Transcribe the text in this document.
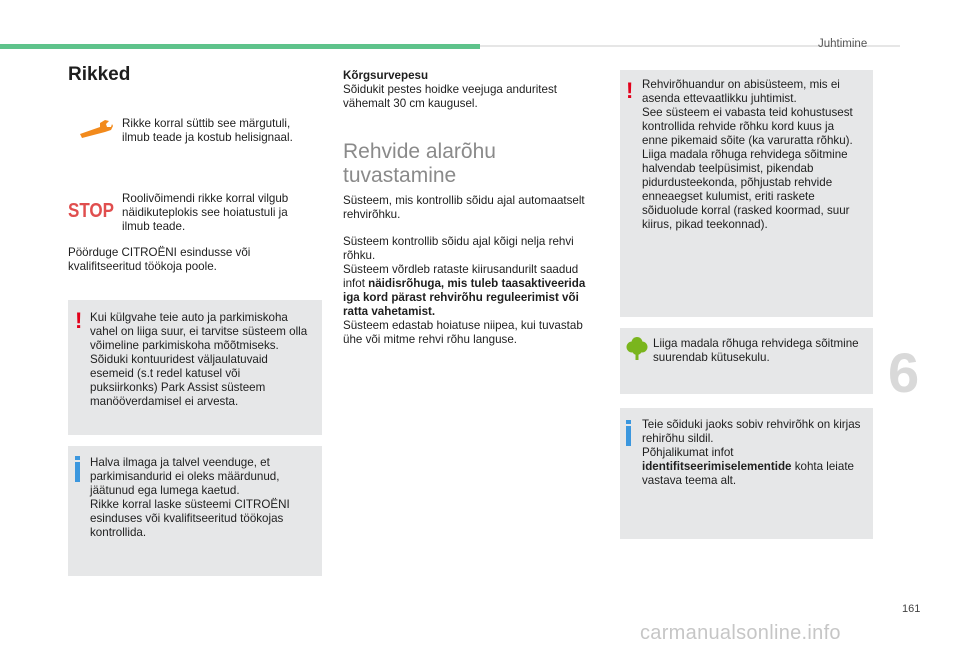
Juhtimine
Rikked
Rikke korral süttib see märgutuli,
ilmub teade ja kostub helisignaal.
STOP
Roolivõimendi rikke korral vilgub
näidikuteplokis see hoiatustuli ja
ilmub teade.
Pöörduge CITROËNI esindusse või
kvalifitseeritud töökoja poole.
! Kui külgvahe teie auto ja parkimiskoha
vahel on liiga suur, ei tarvitse süsteem olla
võimeline parkimiskoha mõõtmiseks.
Sõiduki kontuuridest väljaulatuvaid
esemeid (s.t redel katusel või
puksiirkonks) Park Assist süsteem
manööverdamisel ei arvesta.
Halva ilmaga ja talvel veenduge, et
parkimisandurid ei oleks määrdunud,
jäätunud ega lumega kaetud.
Rikke korral laske süsteemi CITROËNI
esinduses või kvalifitseeritud töökojas
kontrollida.
Kõrgsurvepesu
Sõidukit pestes hoidke veejuga anduritest
vähemalt 30 cm kaugusel.
Rehvide alarõhu
tuvastamine
Süsteem, mis kontrollib sõidu ajal automaatselt
rehvirõhku.
Süsteem kontrollib sõidu ajal kõigi nelja rehvi
rõhku.
Süsteem võrdleb rataste kiirusandurilt saadud
infot näidisrõhuga, mis tuleb taasaktiveerida
iga kord pärast rehvirõhu reguleerimist või
ratta vahetamist.
Süsteem edastab hoiatuse niipea, kui tuvastab
ühe või mitme rehvi rõhu languse.
! Rehvirõhuandur on abisüsteem, mis ei
asenda ettevaatlikku juhtimist.
See süsteem ei vabasta teid kohustusest
kontrollida rehvide rõhku kord kuus ja
enne pikemaid sõite (ka varuratta rõhku).
Liiga madala rõhuga rehvidega sõitmine
halvendab teelpüsimist, pikendab
pidurdusteekonda, põhjustab rehvide
enneaegset kulumist, eriti raskete
sõiduolude korral (rasked koormad, suur
kiirus, pikad teekonnad).
Liiga madala rõhuga rehvidega sõitmine
suurendab kütusekulu.
Teie sõiduki jaoks sobiv rehvirõhk on kirjas
rehirõhu sildil.
Põhjalikumat infot
identifitseerimiselementide kohta leiate
vastava teema alt.
6
161
carmanualsonline.info
